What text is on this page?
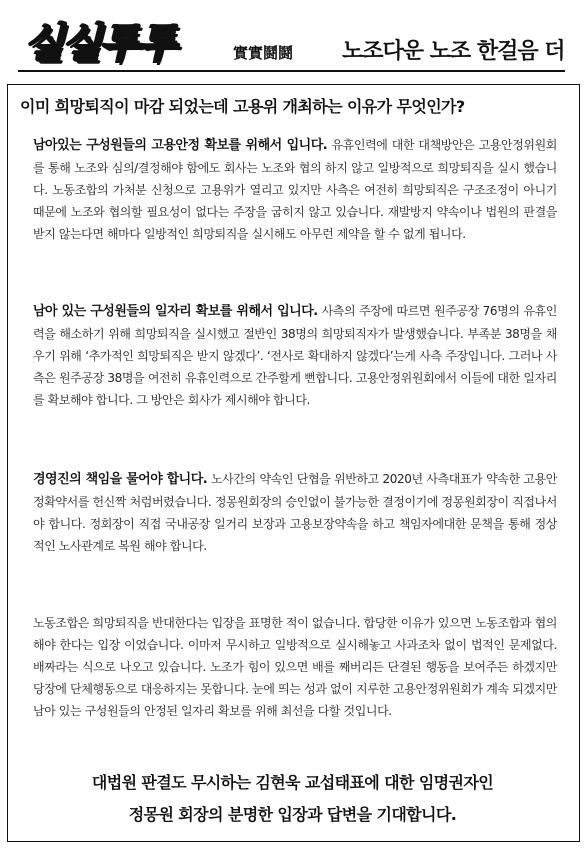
실실투투	實實鬪鬪 노조다운 노조 한걸음 더
이미 희망퇴직이 마감 되었는데 고용위 개최하는 이유가 무엇인가?
남아있는 구성원들의 고용안정 확보를 위해서 입니다. 유휴인력에 대한 대책방안은 고용안정위원회를 통해 노조와 심의/결정해야 함에도 회사는 노조와 협의 하지 않고 일방적으로 희망퇴직을 실시 했습니다. 노동조합의 가처분 신청으로 고용위가 열리고 있지만 사측은 여전히 희망퇴직은 구조조정이 아니기 때문에 노조와 협의할 필요성이 없다는 주장을 굽히지 않고 있습니다. 재발방지 약속이나 법원의 판결을 받지 않는다면 해마다 일방적인 희망퇴직을 실시해도 아무런 제약을 할 수 없게 됩니다.
남아 있는 구성원들의 일자리 확보를 위해서 입니다. 사측의 주장에 따르면 원주공장 76명의 유휴인력을 해소하기 위해 희망퇴직을 실시했고 절반인 38명의 희망퇴직자가 발생했습니다. 부족분 38명을 채우기 위해 ‘추가적인 희망퇴직은 받지 않겠다’. ‘전사로 확대하지 않겠다’는게 사측 주장입니다. 그러나 사측은 원주공장 38명을 여전히 유휴인력으로 간주할게 뻔합니다. 고용안정위원회에서 이들에 대한 일자리를 확보해야 합니다. 그 방안은 회사가 제시해야 합니다.
경영진의 책임을 물어야 합니다. 노사간의 약속인 단협을 위반하고 2020년 사측대표가 약속한 고용안정확약서를 헌신짝 처럼버렸습니다. 정몽원회장의 승인없이 불가능한 결정이기에 정몽원회장이 직접나서야 합니다. 정회장이 직접 국내공장 일거리 보장과 고용보장약속을 하고 책임자에대한 문책을 통해 정상적인 노사관계로 복원 해야 합니다.
노동조합은 희망퇴직을 반대한다는 입장을 표명한 적이 없습니다. 합당한 이유가 있으면 노동조합과 협의해야 한다는 입장 이었습니다. 이마저 무시하고 일방적으로 실시해놓고 사과조차 없이 법적인 문제없다. 배짜라는 식으로 나오고 있습니다. 노조가 힘이 있으면 배를 째버리든 단결된 행동을 보여주든 하겠지만 당장에 단체행동으로 대응하지는 못합니다. 눈에 띄는 성과 없이 지루한 고용안정위원회가 계속 되겠지만 남아 있는 구성원들의 안정된 일자리 확보를 위해 최선을 다할 것입니다.
대법원 판결도 무시하는 김현욱 교섭태표에 대한 임명권자인
정몽원 회장의 분명한 입장과 답변을 기대합니다.
